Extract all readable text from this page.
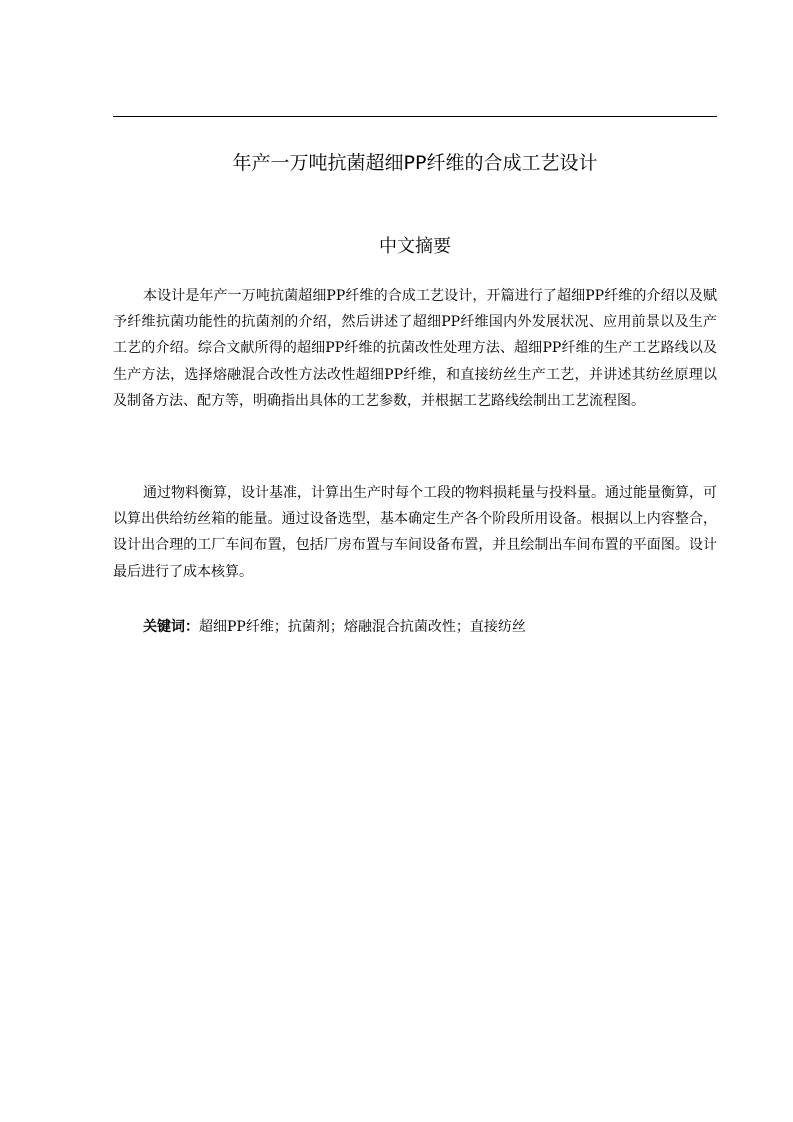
年产一万吨抗菌超细PP纤维的合成工艺设计
中文摘要

本设计是年产一万吨抗菌超细PP纤维的合成工艺设计，开篇进行了超细PP纤维的介绍以及赋予纤维抗菌功能性的抗菌剂的介绍，然后讲述了超细PP纤维国内外发展状况、应用前景以及生产工艺的介绍。综合文献所得的超细PP纤维的抗菌改性处理方法、超细PP纤维的生产工艺路线以及生产方法，选择熔融混合改性方法改性超细PP纤维，和直接纺丝生产工艺，并讲述其纺丝原理以及制备方法、配方等，明确指出具体的工艺参数，并根据工艺路线绘制出工艺流程图。

通过物料衡算，设计基准，计算出生产时每个工段的物料损耗量与投料量。通过能量衡算，可以算出供给纺丝箱的能量。通过设备选型，基本确定生产各个阶段所用设备。根据以上内容整合，设计出合理的工厂车间布置，包括厂房布置与车间设备布置，并且绘制出车间布置的平面图。设计最后进行了成本核算。

关键词：超细PP纤维；抗菌剂；熔融混合抗菌改性；直接纺丝
